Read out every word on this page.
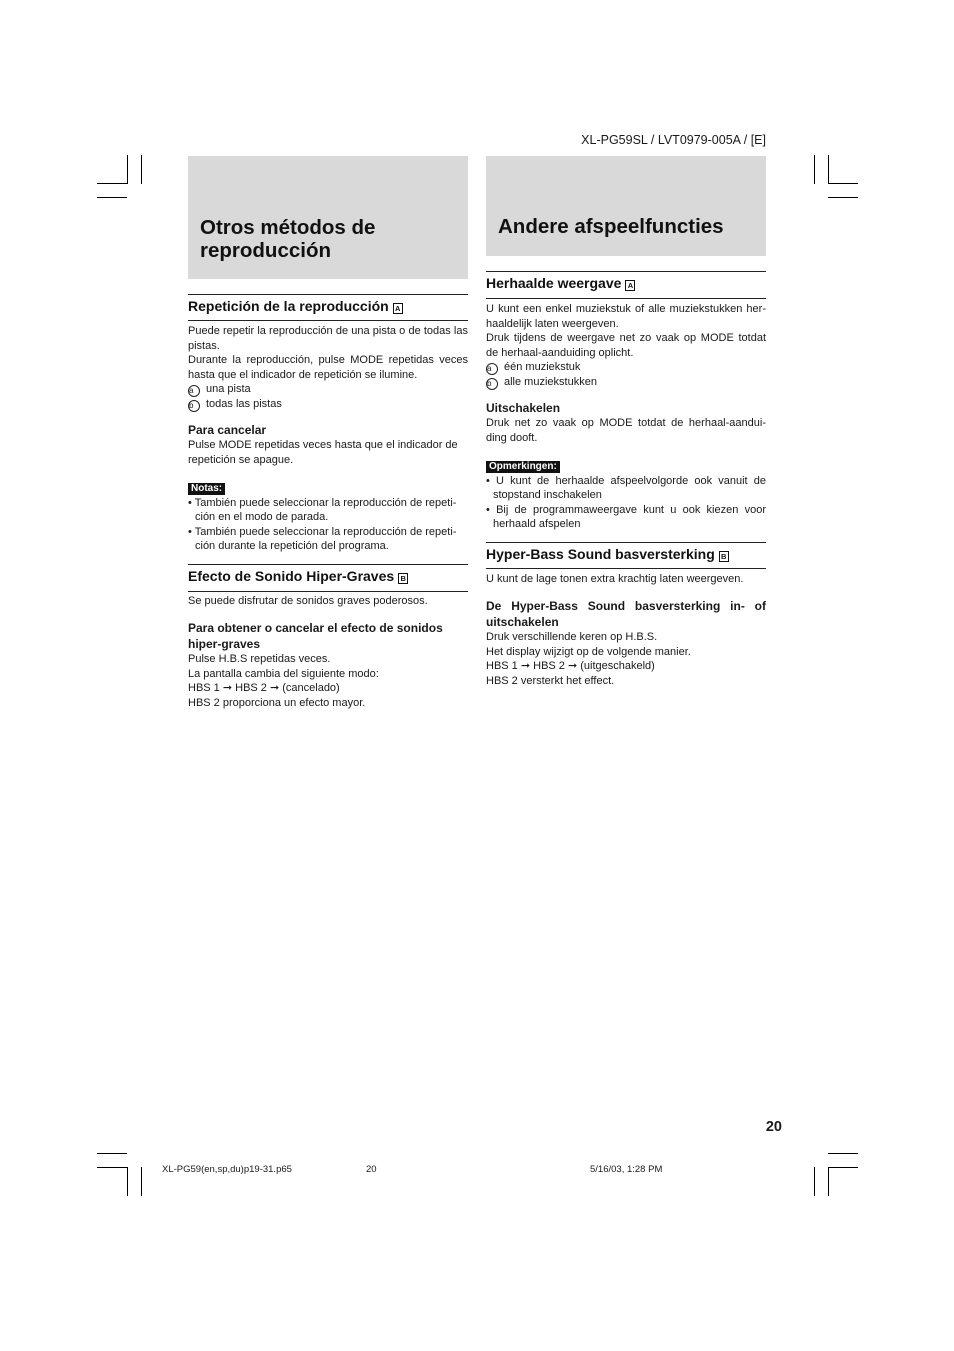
XL-PG59SL / LVT0979-005A / [E]
Otros métodos de reproducción
Repetición de la reproducción A

Puede repetir la reproducción de una pista o de todas las pistas.

Durante la reproducción, pulse MODE repetidas veces hasta que el indicador de repetición se ilumine.

a una pista

b todas las pistas

Para cancelar

Pulse MODE repetidas veces hasta que el indicador de repetición se apague.

Notas:

• También puede seleccionar la reproducción de repeti-ción en el modo de parada.

• También puede seleccionar la reproducción de repeti-ción durante la repetición del programa.

Efecto de Sonido Hiper-Graves B
Se puede disfrutar de sonidos graves poderosos.

Para obtener o cancelar el efecto de sonidos hiper-graves

Pulse H.B.S repetidas veces.

La pantalla cambia del siguiente modo:

HBS 1 ➞ HBS 2 ➞ (cancelado)

HBS 2 proporciona un efecto mayor.

Andere afspeelfuncties
Herhaalde weergave A

U kunt een enkel muziekstuk of alle muziekstukken her-haaldelijk laten weergeven.

Druk tijdens de weergave net zo vaak op MODE totdat de herhaal-aanduiding oplicht.

a één muziekstuk

b alle muziekstukken

Uitschakelen

Druk net zo vaak op MODE totdat de herhaal-aandui-ding dooft.

Opmerkingen:

• U kunt de herhaalde afspeelvolgorde ook vanuit de stopstand inschakelen

• Bij de programmaweergave kunt u ook kiezen voor herhaald afspelen

Hyper-Bass Sound basversterking B
U kunt de lage tonen extra krachtig laten weergeven.

De Hyper-Bass Sound basversterking in- of uitschakelen

Druk verschillende keren op H.B.S.

Het display wijzigt op de volgende manier.

HBS 1 ➞ HBS 2 ➞ (uitgeschakeld)

HBS 2 versterkt het effect.

20
XL-PG59(en,sp,du)p19-31.p65	20	5/16/03, 1:28 PM
